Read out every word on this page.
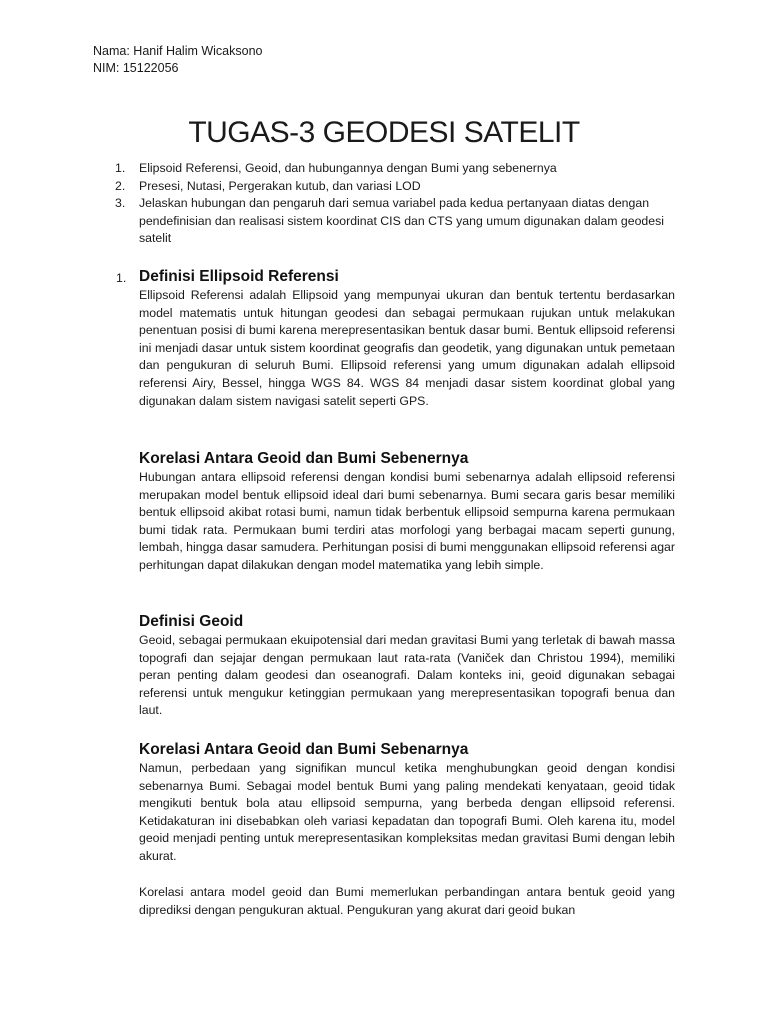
Nama: Hanif Halim Wicaksono
NIM: 15122056
TUGAS-3 GEODESI SATELIT
1. Elipsoid Referensi, Geoid, dan hubungannya dengan Bumi yang sebenernya
2. Presesi, Nutasi, Pergerakan kutub, dan variasi LOD
3. Jelaskan hubungan dan pengaruh dari semua variabel pada kedua pertanyaan diatas dengan pendefinisian dan realisasi sistem koordinat CIS dan CTS yang umum digunakan dalam geodesi satelit
1. Definisi Ellipsoid Referensi

Ellipsoid Referensi adalah Ellipsoid yang mempunyai ukuran dan bentuk tertentu berdasarkan model matematis untuk hitungan geodesi dan sebagai permukaan rujukan untuk melakukan penentuan posisi di bumi karena merepresentasikan bentuk dasar bumi. Bentuk ellipsoid referensi ini menjadi dasar untuk sistem koordinat geografis dan geodetik, yang digunakan untuk pemetaan dan pengukuran di seluruh Bumi. Ellipsoid referensi yang umum digunakan adalah ellipsoid referensi Airy, Bessel, hingga WGS 84. WGS 84 menjadi dasar sistem koordinat global yang digunakan dalam sistem navigasi satelit seperti GPS.

Korelasi Antara Geoid dan Bumi Sebenernya

Hubungan antara ellipsoid referensi dengan kondisi bumi sebenarnya adalah ellipsoid referensi merupakan model bentuk ellipsoid ideal dari bumi sebenarnya. Bumi secara garis besar memiliki bentuk ellipsoid akibat rotasi bumi, namun tidak berbentuk ellipsoid sempurna karena permukaan bumi tidak rata. Permukaan bumi terdiri atas morfologi yang berbagai macam seperti gunung, lembah, hingga dasar samudera. Perhitungan posisi di bumi menggunakan ellipsoid referensi agar perhitungan dapat dilakukan dengan model matematika yang lebih simple.

Definisi Geoid

Geoid, sebagai permukaan ekuipotensial dari medan gravitasi Bumi yang terletak di bawah massa topografi dan sejajar dengan permukaan laut rata-rata (Vaniček dan Christou 1994), memiliki peran penting dalam geodesi dan oseanografi. Dalam konteks ini, geoid digunakan sebagai referensi untuk mengukur ketinggian permukaan yang merepresentasikan topografi benua dan laut.

Korelasi Antara Geoid dan Bumi Sebenarnya

Namun, perbedaan yang signifikan muncul ketika menghubungkan geoid dengan kondisi sebenarnya Bumi. Sebagai model bentuk Bumi yang paling mendekati kenyataan, geoid tidak mengikuti bentuk bola atau ellipsoid sempurna, yang berbeda dengan ellipsoid referensi. Ketidakaturan ini disebabkan oleh variasi kepadatan dan topografi Bumi. Oleh karena itu, model geoid menjadi penting untuk merepresentasikan kompleksitas medan gravitasi Bumi dengan lebih akurat.

Korelasi antara model geoid dan Bumi memerlukan perbandingan antara bentuk geoid yang diprediksi dengan pengukuran aktual. Pengukuran yang akurat dari geoid bukan
